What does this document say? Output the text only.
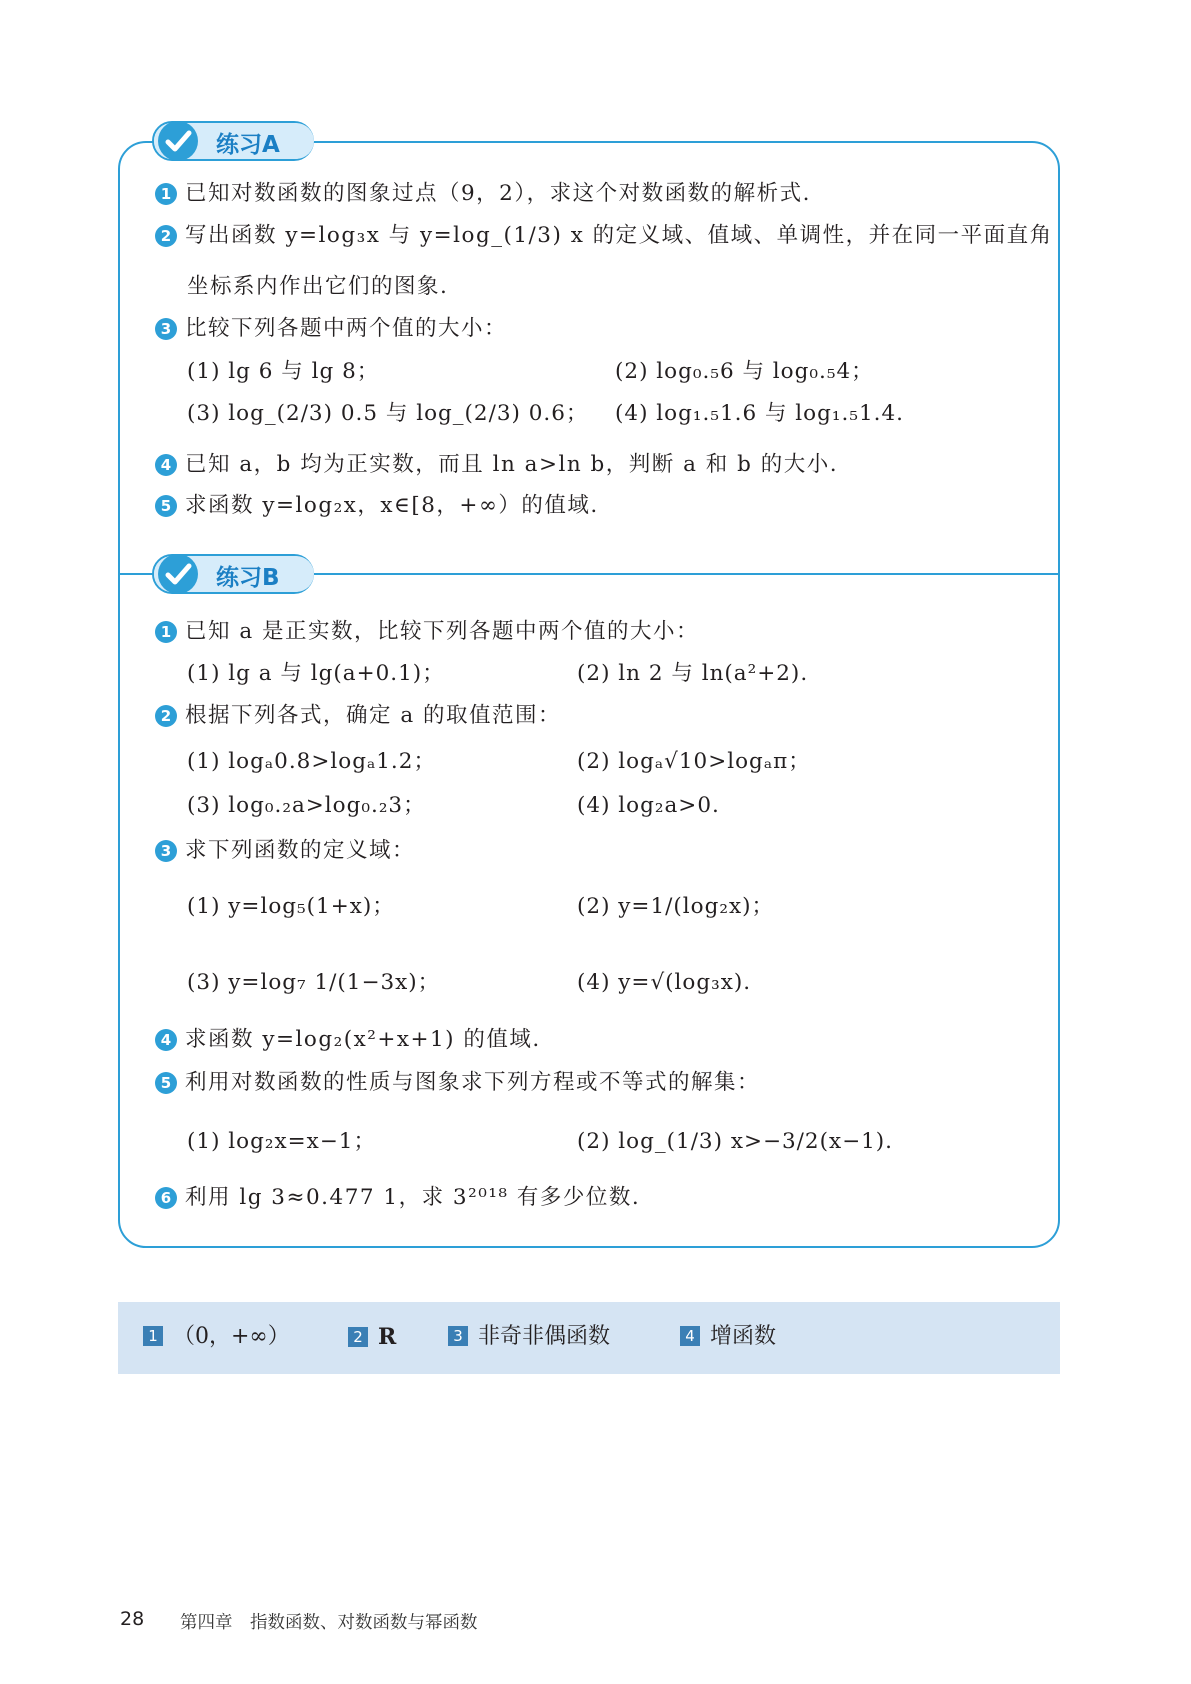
练习A
1 已知对数函数的图象过点（9，2），求这个对数函数的解析式.
2 写出函数 y=log₃x 与 y=log_(1/3) x 的定义域、值域、单调性，并在同一平面直角
坐标系内作出它们的图象.
3 比较下列各题中两个值的大小：
(1) lg 6 与 lg 8；	(2) log₀.₅6 与 log₀.₅4；
(3) log_(2/3) 0.5 与 log_(2/3) 0.6； (4) log₁.₅1.6 与 log₁.₅1.4.
4 已知 a，b 均为正实数，而且 ln a>ln b，判断 a 和 b 的大小.
5 求函数 y=log₂x，x∈[8，+∞）的值域.
练习B
1 已知 a 是正实数，比较下列各题中两个值的大小：
(1) lg a 与 lg(a+0.1)；	(2) ln 2 与 ln(a²+2).
2 根据下列各式，确定 a 的取值范围：
(1) logₐ0.8>logₐ1.2；	(2) logₐ√10>logₐπ；
(3) log₀.₂a>log₀.₂3；	(4) log₂a>0.
3 求下列函数的定义域：
(1) y=log₅(1+x)；	(2) y=1/(log₂x)；
(3) y=log₇ 1/(1−3x)；	(4) y=√(log₃x).
4 求函数 y=log₂(x²+x+1) 的值域.
5 利用对数函数的性质与图象求下列方程或不等式的解集：
(1) log₂x=x−1；	(2) log_(1/3) x>−3/2(x−1).
6 利用 lg 3≈0.477 1，求 3²⁰¹⁸ 有多少位数.
1 （0，+∞）	2 R	3 非奇非偶函数	4 增函数
28 第四章　指数函数、对数函数与幂函数
